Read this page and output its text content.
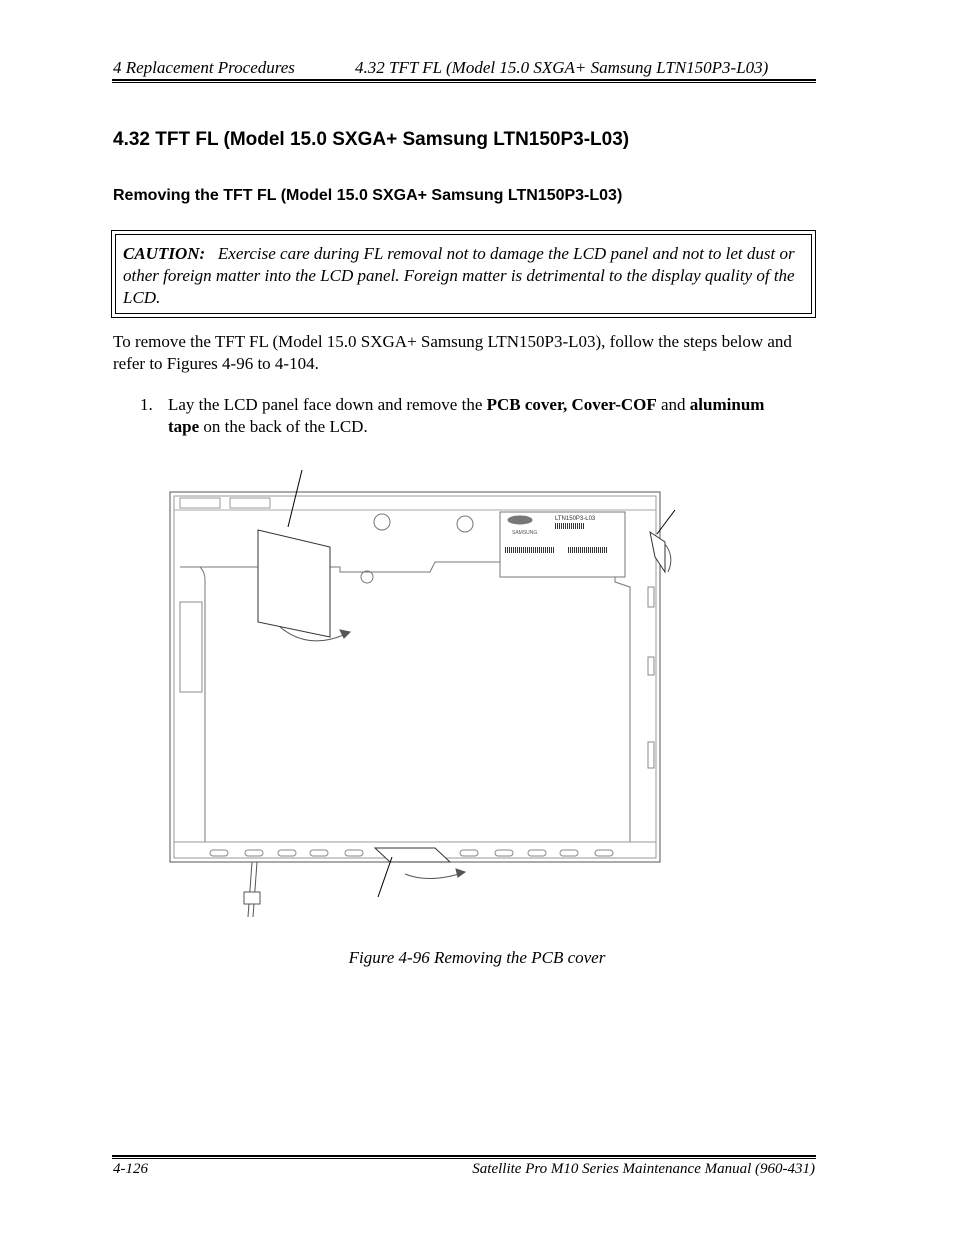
4 Replacement Procedures	4.32 TFT FL (Model 15.0 SXGA+ Samsung LTN150P3-L03)
4.32 TFT FL (Model 15.0 SXGA+ Samsung LTN150P3-L03)
Removing the TFT FL (Model 15.0 SXGA+ Samsung LTN150P3-L03)
CAUTION: Exercise care during FL removal not to damage the LCD panel and not to let dust or other foreign matter into the LCD panel. Foreign matter is detrimental to the display quality of the LCD.
To remove the TFT FL (Model 15.0 SXGA+ Samsung LTN150P3-L03), follow the steps below and refer to Figures 4-96 to 4-104.
1. Lay the LCD panel face down and remove the PCB cover, Cover-COF and aluminum tape on the back of the LCD.
SAMSUNG
LTN150P3-L03
Figure 4-96 Removing the PCB cover
4-126	Satellite Pro M10 Series Maintenance Manual (960-431)
